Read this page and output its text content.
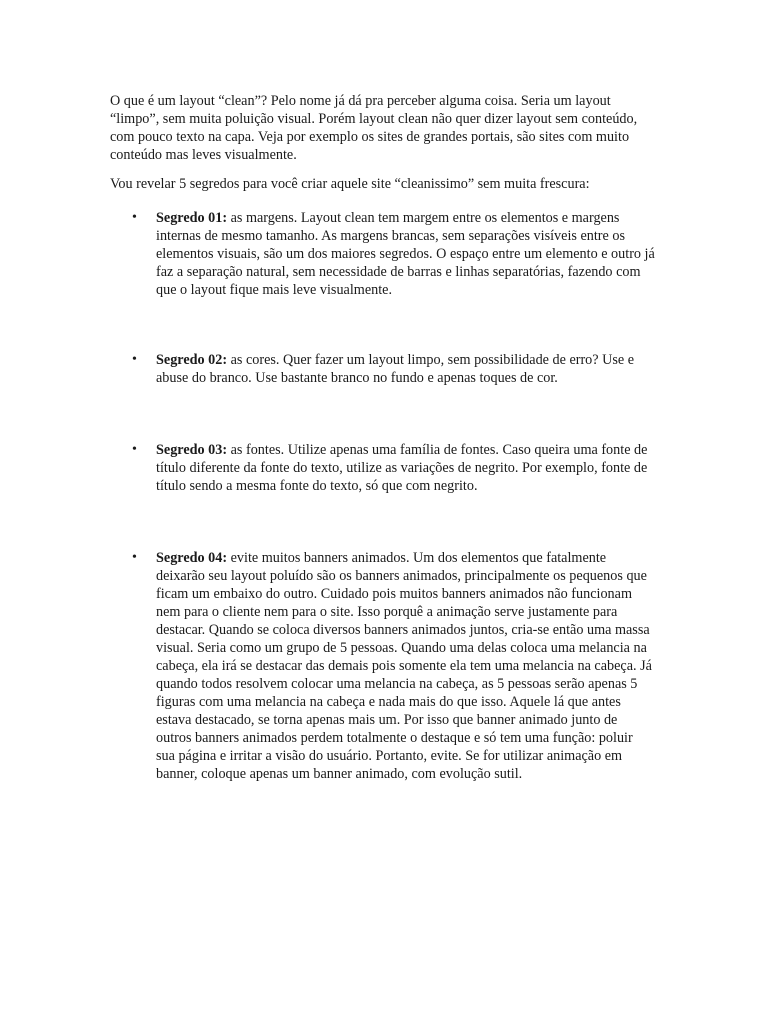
O que é um layout “clean”? Pelo nome já dá pra perceber alguma coisa. Seria um layout “limpo”, sem muita poluição visual. Porém layout clean não quer dizer layout sem conteúdo, com pouco texto na capa. Veja por exemplo os sites de grandes portais, são sites com muito conteúdo mas leves visualmente.

Vou revelar 5 segredos para você criar aquele site “cleanissimo” sem muita frescura:

• Segredo 01: as margens. Layout clean tem margem entre os elementos e margens internas de mesmo tamanho. As margens brancas, sem separações visíveis entre os elementos visuais, são um dos maiores segredos. O espaço entre um elemento e outro já faz a separação natural, sem necessidade de barras e linhas separatórias, fazendo com que o layout fique mais leve visualmente.
• Segredo 02: as cores. Quer fazer um layout limpo, sem possibilidade de erro? Use e abuse do branco. Use bastante branco no fundo e apenas toques de cor.
• Segredo 03: as fontes. Utilize apenas uma família de fontes. Caso queira uma fonte de título diferente da fonte do texto, utilize as variações de negrito. Por exemplo, fonte de título sendo a mesma fonte do texto, só que com negrito.
• Segredo 04: evite muitos banners animados. Um dos elementos que fatalmente deixarão seu layout poluído são os banners animados, principalmente os pequenos que ficam um embaixo do outro. Cuidado pois muitos banners animados não funcionam nem para o cliente nem para o site. Isso porquê a animação serve justamente para destacar. Quando se coloca diversos banners animados juntos, cria-se então uma massa visual. Seria como um grupo de 5 pessoas. Quando uma delas coloca uma melancia na cabeça, ela irá se destacar das demais pois somente ela tem uma melancia na cabeça. Já quando todos resolvem colocar uma melancia na cabeça, as 5 pessoas serão apenas 5 figuras com uma melancia na cabeça e nada mais do que isso. Aquele lá que antes estava destacado, se torna apenas mais um. Por isso que banner animado junto de outros banners animados perdem totalmente o destaque e só tem uma função: poluir sua página e irritar a visão do usuário. Portanto, evite. Se for utilizar animação em banner, coloque apenas um banner animado, com evolução sutil.
